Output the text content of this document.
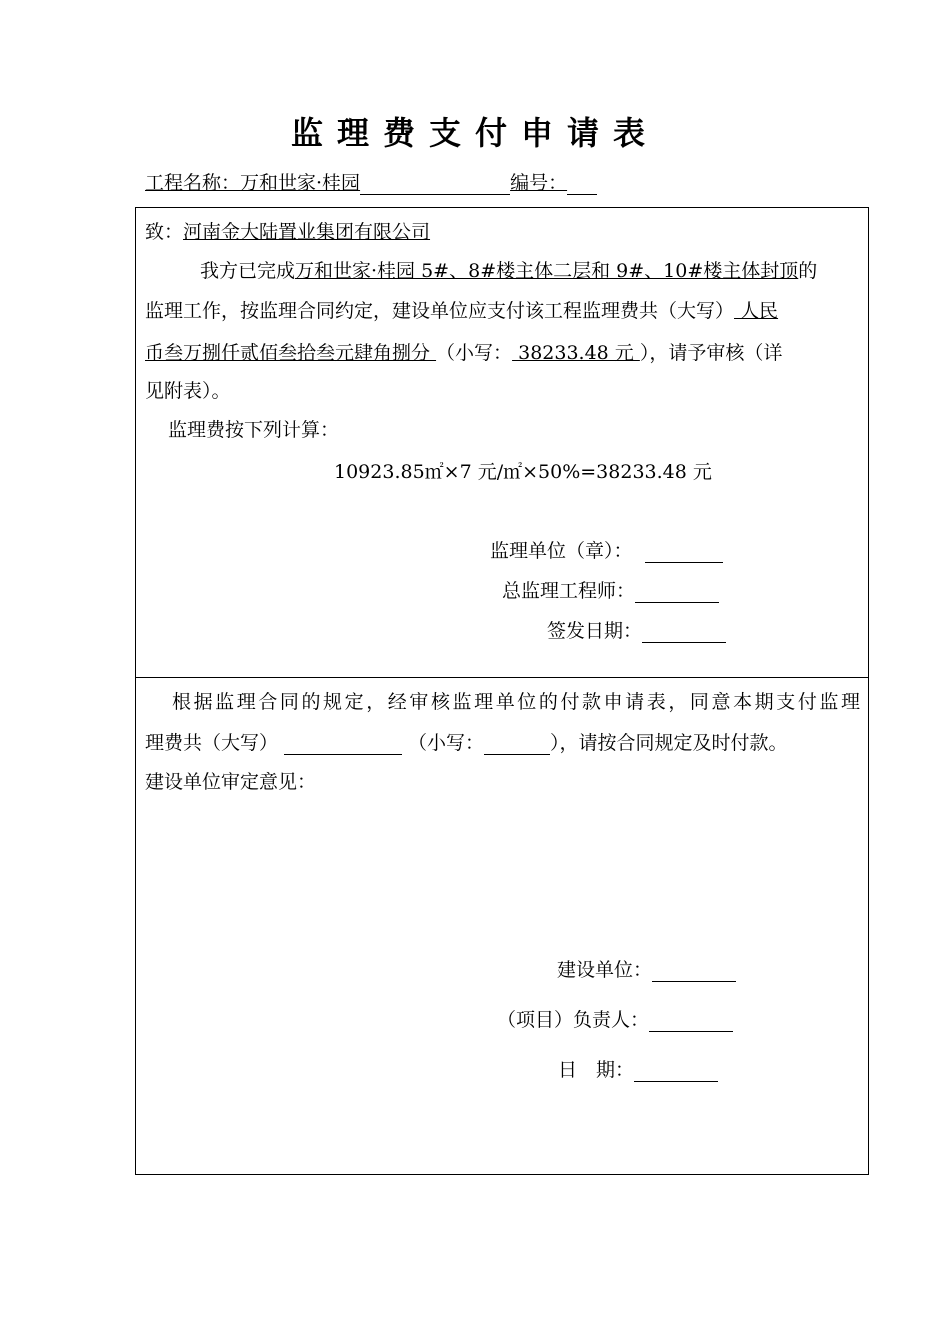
监理费支付申请表
工程名称：万和世家·桂园	编号：
致：河南金大陆置业集团有限公司
我方已完成万和世家·桂园 5#、8#楼主体二层和 9#、10#楼主体封顶的
监理工作，按监理合同约定，建设单位应支付该工程监理费共（大写） 人民
币叁万捌仟贰佰叁拾叁元肆角捌分 （小写： 38233.48 元 ），请予审核（详
见附表）。
监理费按下列计算：
10923.85㎡×7 元/㎡×50%=38233.48 元
监理单位（章）：
总监理工程师：
签发日期：
根据监理合同的规定，经审核监理单位的付款申请表，同意本期支付监理
理费共（大写）	（小写：	），请按合同规定及时付款。
建设单位审定意见：
建设单位：
（项目）负责人：
日　期：
